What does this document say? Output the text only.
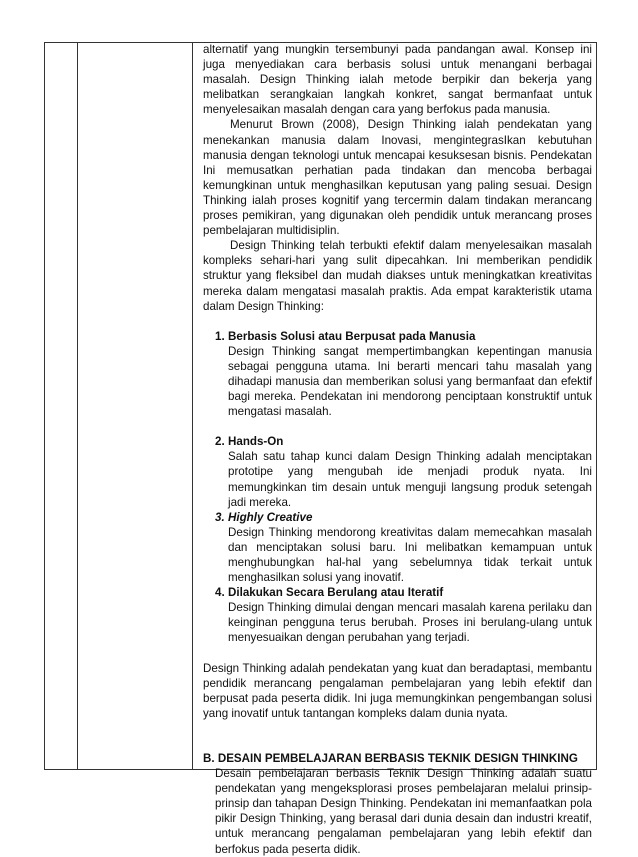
alternatif yang mungkin tersembunyi pada pandangan awal. Konsep ini juga menyediakan cara berbasis solusi untuk menangani berbagai masalah. Design Thinking ialah metode berpikir dan bekerja yang melibatkan serangkaian langkah konkret, sangat bermanfaat untuk menyelesaikan masalah dengan cara yang berfokus pada manusia.

Menurut Brown (2008), Design Thinking ialah pendekatan yang menekankan manusia dalam Inovasi, mengintegrasIkan kebutuhan manusia dengan teknologi untuk mencapai kesuksesan bisnis. Pendekatan Ini memusatkan perhatian pada tindakan dan mencoba berbagai kemungkinan untuk menghasilkan keputusan yang paling sesuai. Design Thinking ialah proses kognitif yang tercermin dalam tindakan merancang proses pemikiran, yang digunakan oleh pendidik untuk merancang proses pembelajaran multidisiplin.

Design Thinking telah terbukti efektif dalam menyelesaikan masalah kompleks sehari-hari yang sulit dipecahkan. Ini memberikan pendidik struktur yang fleksibel dan mudah diakses untuk meningkatkan kreativitas mereka dalam mengatasi masalah praktis. Ada empat karakteristik utama dalam Design Thinking:

1. Berbasis Solusi atau Berpusat pada Manusia
Design Thinking sangat mempertimbangkan kepentingan manusia sebagai pengguna utama. Ini berarti mencari tahu masalah yang dihadapi manusia dan memberikan solusi yang bermanfaat dan efektif bagi mereka. Pendekatan ini mendorong penciptaan konstruktif untuk mengatasi masalah.
2. Hands-On
Salah satu tahap kunci dalam Design Thinking adalah menciptakan prototipe yang mengubah ide menjadi produk nyata. Ini memungkinkan tim desain untuk menguji langsung produk setengah jadi mereka.
3. Highly Creative
Design Thinking mendorong kreativitas dalam memecahkan masalah dan menciptakan solusi baru. Ini melibatkan kemampuan untuk menghubungkan hal-hal yang sebelumnya tidak terkait untuk menghasilkan solusi yang inovatif.
4. Dilakukan Secara Berulang atau Iteratif
Design Thinking dimulai dengan mencari masalah karena perilaku dan keinginan pengguna terus berubah. Proses ini berulang-ulang untuk menyesuaikan dengan perubahan yang terjadi.

Design Thinking adalah pendekatan yang kuat dan beradaptasi, membantu pendidik merancang pengalaman pembelajaran yang lebih efektif dan berpusat pada peserta didik. Ini juga memungkinkan pengembangan solusi yang inovatif untuk tantangan kompleks dalam dunia nyata.

B. DESAIN PEMBELAJARAN BERBASIS TEKNIK DESIGN THINKING

Desain pembelajaran berbasis Teknik Design Thinking adalah suatu pendekatan yang mengeksplorasi proses pembelajaran melalui prinsip-prinsip dan tahapan Design Thinking. Pendekatan ini memanfaatkan pola pikir Design Thinking, yang berasal dari dunia desain dan industri kreatif, untuk merancang pengalaman pembelajaran yang lebih efektif dan berfokus pada peserta didik.
